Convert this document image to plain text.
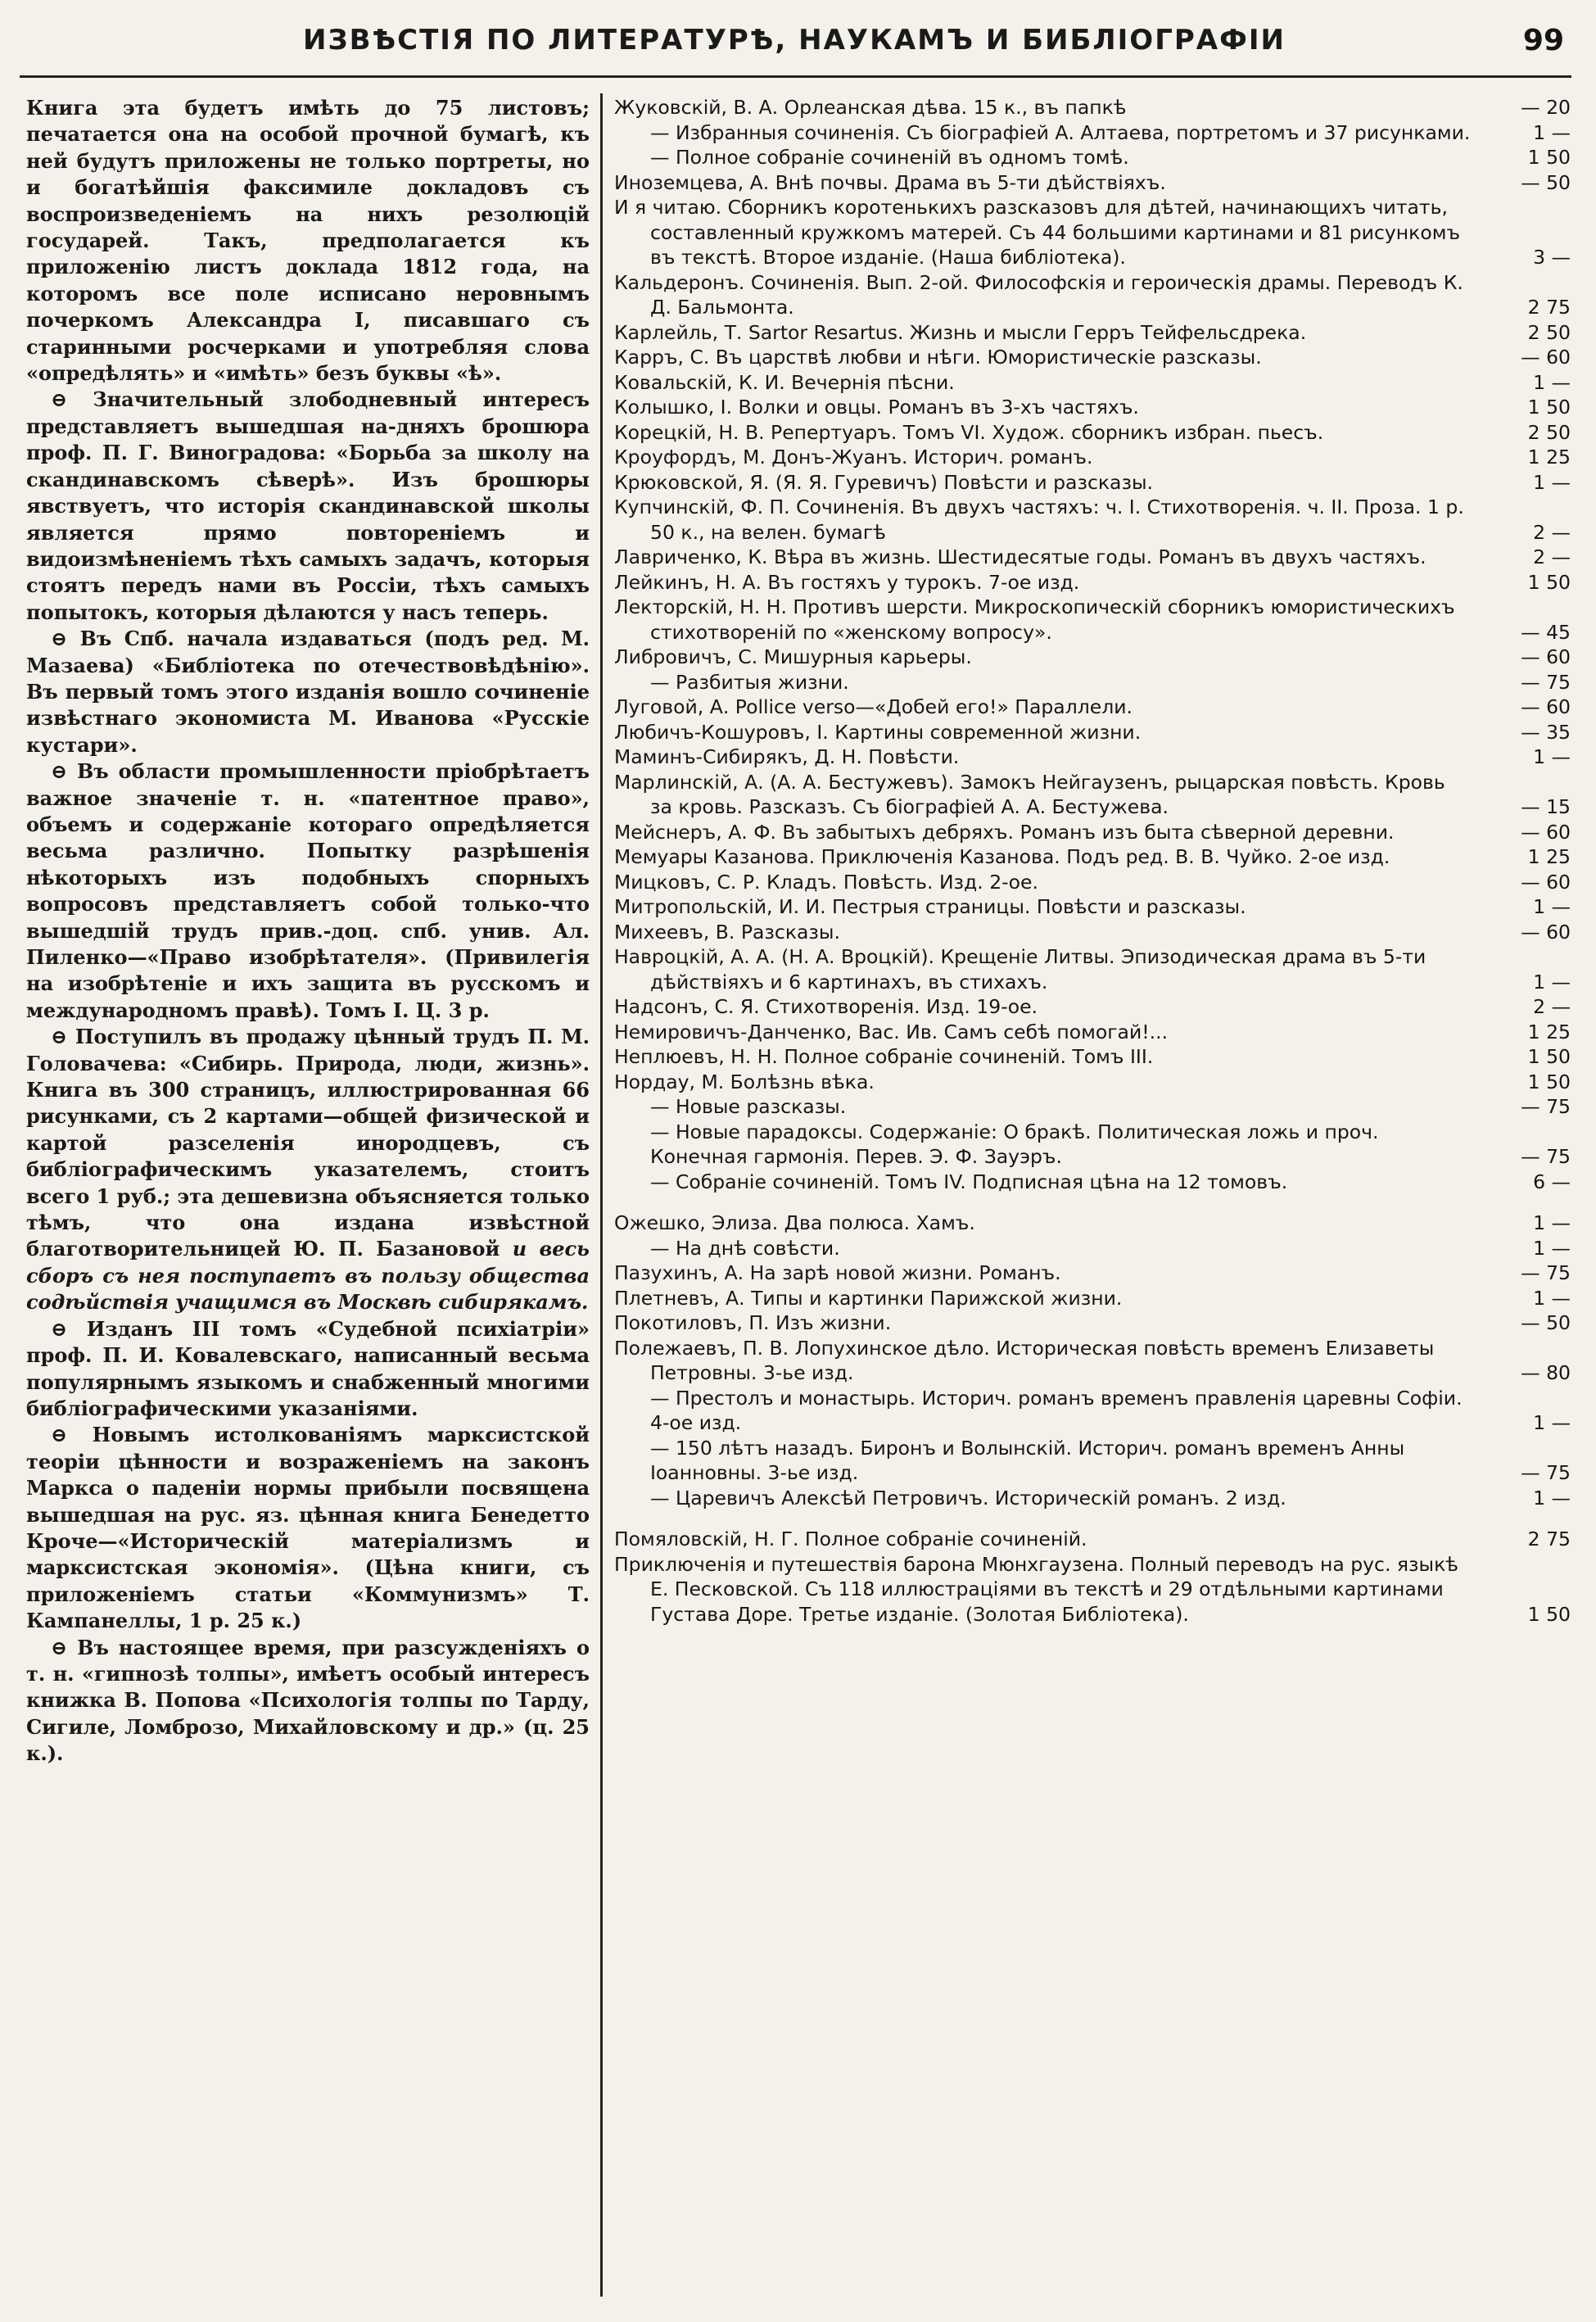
ИЗВѢСТІЯ ПО ЛИТЕРАТУРѢ, НАУКАМЪ И БИБЛІОГРАФІИ	99

Книга эта будетъ имѣть до 75 листовъ; печатается она на особой прочной бумагѣ, къ ней будутъ приложены не только портреты, но и богатѣйшія факсимиле докладовъ съ воспроизведеніемъ на нихъ резолюцій государей. Такъ, предполагается къ приложенію листъ доклада 1812 года, на которомъ все поле исписано неровнымъ почеркомъ Александра I, писавшаго съ старинными росчерками и употребляя слова «опредѣлять» и «имѣть» безъ буквы «ѣ».

⊖ Значительный злободневный интересъ представляетъ вышедшая на-дняхъ брошюра проф. П. Г. Виноградова: «Борьба за школу на скандинавскомъ сѣверѣ». Изъ брошюры явствуетъ, что исторія скандинавской школы является прямо повтореніемъ и видоизмѣненіемъ тѣхъ самыхъ задачъ, которыя стоятъ передъ нами въ Россіи, тѣхъ самыхъ попытокъ, которыя дѣлаются у насъ теперь.

⊖ Въ Спб. начала издаваться (подъ ред. М. Мазаева) «Библіотека по отечествовѣдѣнію». Въ первый томъ этого изданія вошло сочиненіе извѣстнаго экономиста М. Иванова «Русскіе кустари».

⊖ Въ области промышленности пріобрѣтаетъ важное значеніе т. н. «патентное право», объемъ и содержаніе котораго опредѣляется весьма различно. Попытку разрѣшенія нѣкоторыхъ изъ подобныхъ спорныхъ вопросовъ представляетъ собой только-что вышедшій трудъ прив.-доц. спб. унив. Ал. Пиленко—«Право изобрѣтателя». (Привилегія на изобрѣтеніе и ихъ защита въ русскомъ и международномъ правѣ). Томъ I. Ц. 3 р.

⊖ Поступилъ въ продажу цѣнный трудъ П. М. Головачева: «Сибирь. Природа, люди, жизнь». Книга въ 300 страницъ, иллюстрированная 66 рисунками, съ 2 картами—общей физической и картой разселенія инородцевъ, съ библіографическимъ указателемъ, стоитъ всего 1 руб.; эта дешевизна объясняется только тѣмъ, что она издана извѣстной благотворительницей Ю. П. Базановой и весь сборъ съ нея поступаетъ въ пользу общества содѣйствія учащимся въ Москвѣ сибирякамъ.

⊖ Изданъ III томъ «Судебной психіатріи» проф. П. И. Ковалевскаго, написанный весьма популярнымъ языкомъ и снабженный многими библіографическими указаніями.

⊖ Новымъ истолкованіямъ марксистской теоріи цѣнности и возраженіемъ на законъ Маркса о паденіи нормы прибыли посвящена вышедшая на рус. яз. цѣнная книга Бенедетто Кроче—«Историческій матеріализмъ и марксистская экономія». (Цѣна книги, съ приложеніемъ статьи «Коммунизмъ» Т. Кампанеллы, 1 р. 25 к.)

⊖ Въ настоящее время, при разсужденіяхъ о т. н. «гипнозѣ толпы», имѣетъ особый интересъ книжка В. Попова «Психологія толпы по Тарду, Сигиле, Ломброзо, Михайловскому и др.» (ц. 25 к.).

Жуковскій, В. А. Орлеанская дѣва. 15 к., въ папкѣ	— 20
— Избранныя сочиненія. Съ біографіей А. Алтаева, портретомъ и 37 рисунками.	1 —
— Полное собраніе сочиненій въ одномъ томѣ.	1 50
Иноземцева, А. Внѣ почвы. Драма въ 5-ти дѣйствіяхъ.	— 50
И я читаю. Сборникъ коротенькихъ разсказовъ для дѣтей, начинающихъ читать, составленный кружкомъ матерей. Съ 44 большими картинами и 81 рисункомъ въ текстѣ. Второе изданіе. (Наша библіотека).	3 —
Кальдеронъ. Сочиненія. Вып. 2-ой. Философскія и героическія драмы. Переводъ К. Д. Бальмонта.	2 75
Карлейль, Т. Sartor Resartus. Жизнь и мысли Герръ Тейфельсдрека.	2 50
Карръ, С. Въ царствѣ любви и нѣги. Юмористическіе разсказы.	— 60
Ковальскій, К. И. Вечернія пѣсни.	1 —
Колышко, І. Волки и овцы. Романъ въ 3-хъ частяхъ.	1 50
Корецкій, Н. В. Репертуаръ. Томъ VI. Худож. сборникъ избран. пьесъ.	2 50
Кроуфордъ, М. Донъ-Жуанъ. Историч. романъ.	1 25
Крюковской, Я. (Я. Я. Гуревичъ) Повѣсти и разсказы.	1 —
Купчинскій, Ф. П. Сочиненія. Въ двухъ частяхъ: ч. I. Стихотворенія. ч. II. Проза. 1 р. 50 к., на велен. бумагѣ	2 —
Лавриченко, К. Вѣра въ жизнь. Шестидесятые годы. Романъ въ двухъ частяхъ.	2 —
Лейкинъ, Н. А. Въ гостяхъ у турокъ. 7-ое изд.	1 50
Лекторскій, Н. Н. Противъ шерсти. Микроскопическій сборникъ юмористическихъ стихотвореній по «женскому вопросу».	— 45
Либровичъ, С. Мишурныя карьеры.	— 60
— Разбитыя жизни.	— 75
Луговой, А. Pollice verso—«Добей его!» Параллели.	— 60
Любичъ-Кошуровъ, І. Картины современной жизни.	— 35
Маминъ-Сибирякъ, Д. Н. Повѣсти.	1 —
Марлинскій, А. (А. А. Бестужевъ). Замокъ Нейгаузенъ, рыцарская повѣсть. Кровь за кровь. Разсказъ. Съ біографіей А. А. Бестужева.	— 15
Мейснеръ, А. Ф. Въ забытыхъ дебряхъ. Романъ изъ быта сѣверной деревни.	— 60
Мемуары Казанова. Приключенія Казанова. Подъ ред. В. В. Чуйко. 2-ое изд.	1 25
Мицковъ, С. Р. Кладъ. Повѣсть. Изд. 2-ое.	— 60
Митропольскій, И. И. Пестрыя страницы. Повѣсти и разсказы.	1 —
Михеевъ, В. Разсказы.	— 60
Навроцкій, А. А. (Н. А. Вроцкій). Крещеніе Литвы. Эпизодическая драма въ 5-ти дѣйствіяхъ и 6 картинахъ, въ стихахъ.	1 —
Надсонъ, С. Я. Стихотворенія. Изд. 19-ое.	2 —
Немировичъ-Данченко, Вас. Ив. Самъ себѣ помогай!...	1 25
Неплюевъ, Н. Н. Полное собраніе сочиненій. Томъ III.	1 50
Нордау, М. Болѣзнь вѣка.	1 50
— Новые разсказы.	— 75
— Новые парадоксы. Содержаніе: О бракѣ. Политическая ложь и проч. Конечная гармонія. Перев. Э. Ф. Зауэръ.	— 75
— Собраніе сочиненій. Томъ IV. Подписная цѣна на 12 томовъ.	6 —
Ожешко, Элиза. Два полюса. Хамъ.	1 —
— На днѣ совѣсти.	1 —
Пазухинъ, А. На зарѣ новой жизни. Романъ.	— 75
Плетневъ, А. Типы и картинки Парижской жизни.	1 —
Покотиловъ, П. Изъ жизни.	— 50
Полежаевъ, П. В. Лопухинское дѣло. Историческая повѣсть временъ Елизаветы Петровны. 3-ье изд.	— 80
— Престолъ и монастырь. Историч. романъ временъ правленія царевны Софіи. 4-ое изд.	1 —
— 150 лѣтъ назадъ. Биронъ и Волынскій. Историч. романъ временъ Анны Іоанновны. 3-ье изд.	— 75
— Царевичъ Алексѣй Петровичъ. Историческій романъ. 2 изд.	1 —
Помяловскій, Н. Г. Полное собраніе сочиненій.	2 75
Приключенія и путешествія барона Мюнхгаузена. Полный переводъ на рус. языкѣ Е. Песковской. Съ 118 иллюстраціями въ текстѣ и 29 отдѣльными картинами Густава Доре. Третье изданіе. (Золотая Библіотека).	1 50
